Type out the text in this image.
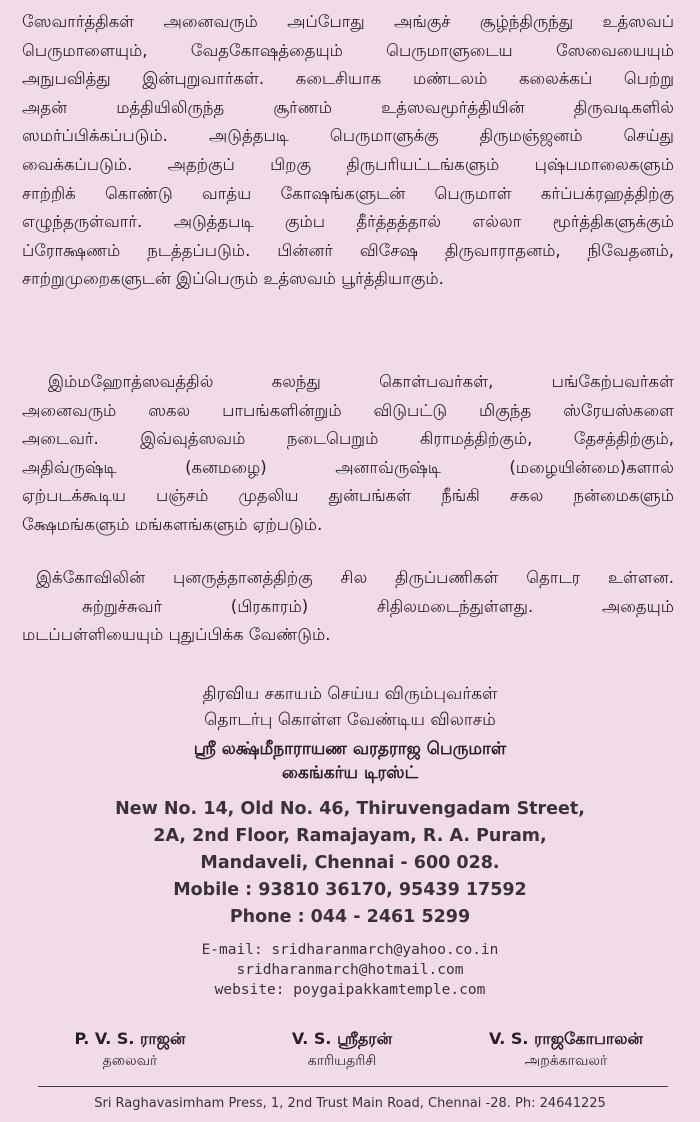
ஸேவார்த்திகள் அனைவரும் அப்போது அங்குச் சூழ்ந்திருந்து உத்ஸவப்
பெருமாளையும், வேதகோஷத்தையும் பெருமாளுடைய ஸேவையையும்
அநுபவித்து இன்புறுவார்கள். கடைசியாக மண்டலம் கலைக்கப் பெற்று
அதன் மத்தியிலிருந்த சூர்ணம் உத்ஸவமூர்த்தியின் திருவடிகளில்
ஸமர்ப்பிக்கப்படும். அடுத்தபடி பெருமாளுக்கு திருமஞ்ஜனம் செய்து
வைக்கப்படும். அதற்குப் பிறகு திருபரியட்டங்களும் புஷ்பமாலைகளும்
சாற்றிக் கொண்டு வாத்ய கோஷங்களுடன் பெருமாள் கர்ப்பக்ரஹத்திற்கு
எழுந்தருள்வார். அடுத்தபடி கும்ப தீர்த்தத்தால் எல்லா மூர்த்திகளுக்கும்
ப்ரோக்ஷணம் நடத்தப்படும். பின்னர் விசேஷ திருவாராதனம், நிவேதனம்,
சாற்றுமுறைகளுடன் இப்பெரும் உத்ஸவம் பூர்த்தியாகும்.
இம்மஹோத்ஸவத்தில் கலந்து கொள்பவர்கள், பங்கேற்பவர்கள்
அனைவரும் ஸகல பாபங்களின்றும் விடுபட்டு மிகுந்த ஸ்ரேயஸ்களை
அடைவர். இவ்வுத்ஸவம் நடைபெறும் கிராமத்திற்கும், தேசத்திற்கும்,
அதிவ்ருஷ்டி (கனமழை) அனாவ்ருஷ்டி (மழையின்மை)களால்
ஏற்படக்கூடிய பஞ்சம் முதலிய துன்பங்கள் நீங்கி சகல நன்மைகளும்
க்ஷேமங்களும் மங்களங்களும் ஏற்படும்.
இக்கோவிலின் புனருத்தானத்திற்கு சில திருப்பணிகள் தொடர உள்ளன.
சுற்றுச்சுவர் (பிரகாரம்) சிதிலமடைந்துள்ளது. அதையும்
மடப்பள்ளியையும் புதுப்பிக்க வேண்டும்.

திரவிய சகாயம் செய்ய விரும்புவர்கள்

தொடர்பு கொள்ள வேண்டிய விலாசம்

ஸ்ரீ லக்ஷ்மீநாராயண வரதராஜ பெருமாள்

கைங்கர்ய டிரஸ்ட்

New No. 14, Old No. 46, Thiruvengadam Street,
2A, 2nd Floor, Ramajayam, R. A. Puram,
Mandaveli, Chennai - 600 028.
Mobile : 93810 36170, 95439 17592
Phone : 044 - 2461 5299
E-mail: sridharanmarch@yahoo.co.in
sridharanmarch@hotmail.com
website: poygaipakkamtemple.com
P. V. S. ராஜன்
தலைவர்
V. S. ஸ்ரீதரன்
காரியதரிசி
V. S. ராஜகோபாலன்
அறக்காவலர்
Sri Raghavasimham Press, 1, 2nd Trust Main Road, Chennai -28. Ph: 24641225
